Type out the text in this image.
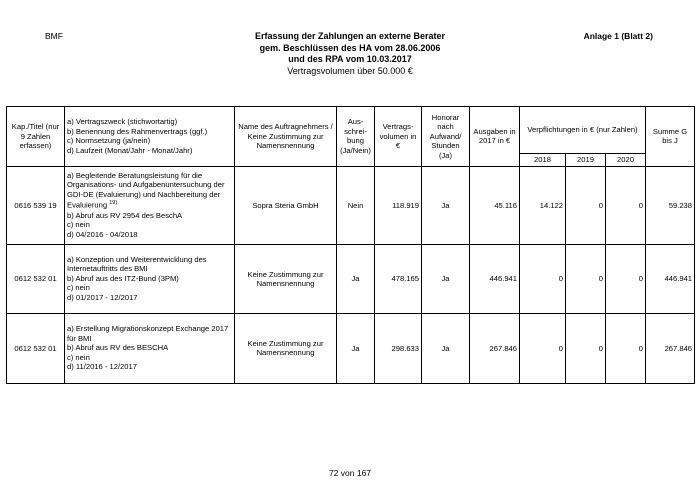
BMF	Anlage 1 (Blatt 2)
Erfassung der Zahlungen an externe Berater
gem. Beschlüssen des HA vom 28.06.2006
und des RPA vom 10.03.2017
Vertragsvolumen über 50.000 €
Kap./Titel (nur 9 Zahlen erfassen)	a) Vertragszweck (stichwortartig)
b) Benennung des Rahmenvertrags (ggf.)
c) Normsetzung (ja/nein)
d) Laufzeit (Monat/Jahr - Monat/Jahr)	Name des Auftragnehmers / Keine Zustimmung zur Namensnennung	Aus-schrei-bung (Ja/Nein)	Vertrags-volumen in €	Honorar nach Aufwand/ Stunden (Ja)	Ausgaben in 2017 in €	Verpflichtungen in € (nur Zahlen)			Summe G bis J
							2018	2019	2020	
0616 539 19	a) Begleitende Beratungsleistung für die Organisations- und Aufgabenuntersuchung der GDI-DE (Evaluierung) und Nachbereitung der Evaluierung $^{19)}$
b) Abruf aus RV 2954 des BeschA
c) nein
d) 04/2016 - 04/2018	Sopra Steria GmbH	Nein	118.919	Ja	45.116	14.122	0	0	59.238
0612 532 01	a) Konzeption und Weiterentwicklung des Internetauftritts des BMI
b) Abruf aus des ITZ-Bund (3PM)
c) nein
d) 01/2017 - 12/2017	Keine Zustimmung zur Namensnennung	Ja	478.165	Ja	446.941	0	0	0	446.941
0612 532 01	a) Erstellung Migrationskonzept Exchange 2017 für BMI
b) Abruf aus RV des BESCHA
c) nein
d) 11/2016 - 12/2017	Keine Zustimmung zur Namensnennung	Ja	298.633	Ja	267.846	0	0	0	267.846
72 von 167
